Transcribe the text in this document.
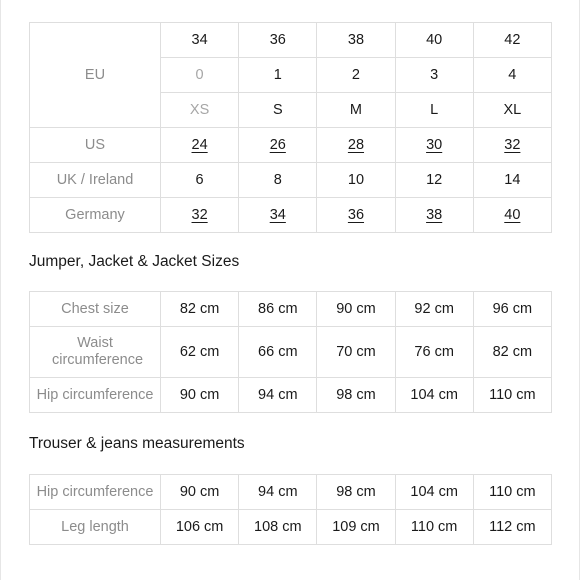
EU	34	36	38	40	42
	0	1	2	3	4
	XS	S	M	L	XL
US	24	26	28	30	32
UK / Ireland	6	8	10	12	14
Germany	32	34	36	38	40
Jumper, Jacket & Jacket Sizes
Chest size	82 cm	86 cm	90 cm	92 cm	96 cm
Waist circumference	62 cm	66 cm	70 cm	76 cm	82 cm
Hip circumference	90 cm	94 cm	98 cm	104 cm	110 cm
Trouser & jeans measurements
Hip circumference	90 cm	94 cm	98 cm	104 cm	110 cm
Leg length	106 cm	108 cm	109 cm	110 cm	112 cm
